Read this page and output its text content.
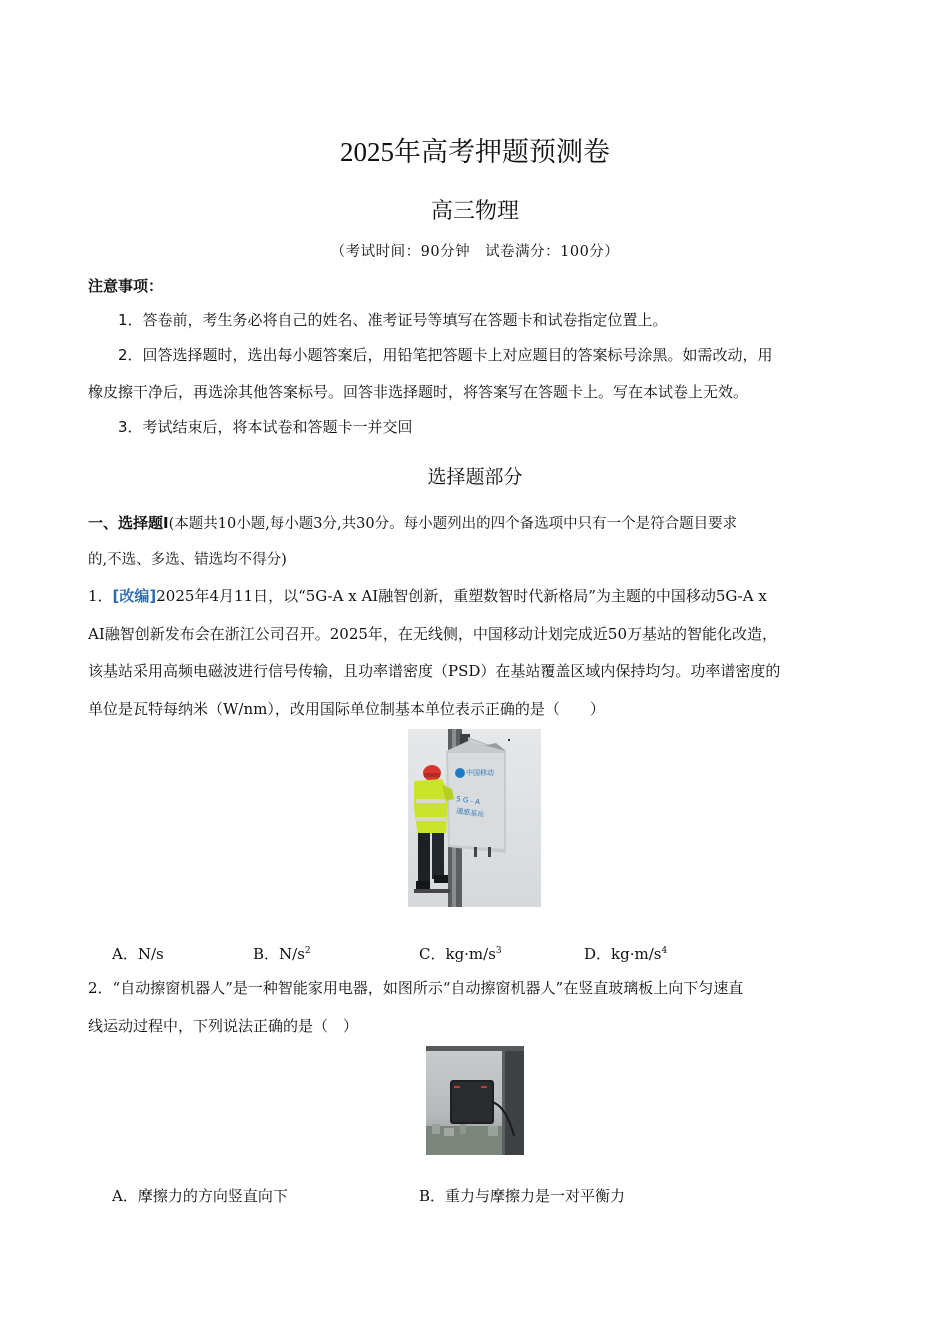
2025年高考押题预测卷
高三物理
（考试时间：90分钟　试卷满分：100分）
注意事项：
1．答卷前，考生务必将自己的姓名、准考证号等填写在答题卡和试卷指定位置上。
2．回答选择题时，选出每小题答案后，用铅笔把答题卡上对应题目的答案标号涂黑。如需改动，用
橡皮擦干净后，再选涂其他答案标号。回答非选择题时，将答案写在答题卡上。写在本试卷上无效。
3．考试结束后，将本试卷和答题卡一并交回
选择题部分
一、选择题Ⅰ(本题共10小题,每小题3分,共30分。每小题列出的四个备选项中只有一个是符合题目要求
的,不选、多选、错选均不得分)
1．[改编]2025年4月11日，以“5G-A x AI融智创新，重塑数智时代新格局”为主题的中国移动5G-A x
AI融智创新发布会在浙江公司召开。2025年，在无线侧，中国移动计划完成近50万基站的智能化改造，
该基站采用高频电磁波进行信号传输，且功率谱密度（PSD）在基站覆盖区域内保持均匀。功率谱密度的
单位是瓦特每纳米（W/nm），改用国际单位制基本单位表示正确的是（　　）
中国移动
5 G - A
通感基站
A．N/s	B．$N/s^2$	C．$kg\cdot m/s^3$	D．$kg\cdot m/s^4$
2．“自动擦窗机器人”是一种智能家用电器，如图所示“自动擦窗机器人”在竖直玻璃板上向下匀速直
线运动过程中，下列说法正确的是（　）
A．摩擦力的方向竖直向下	B．重力与摩擦力是一对平衡力
